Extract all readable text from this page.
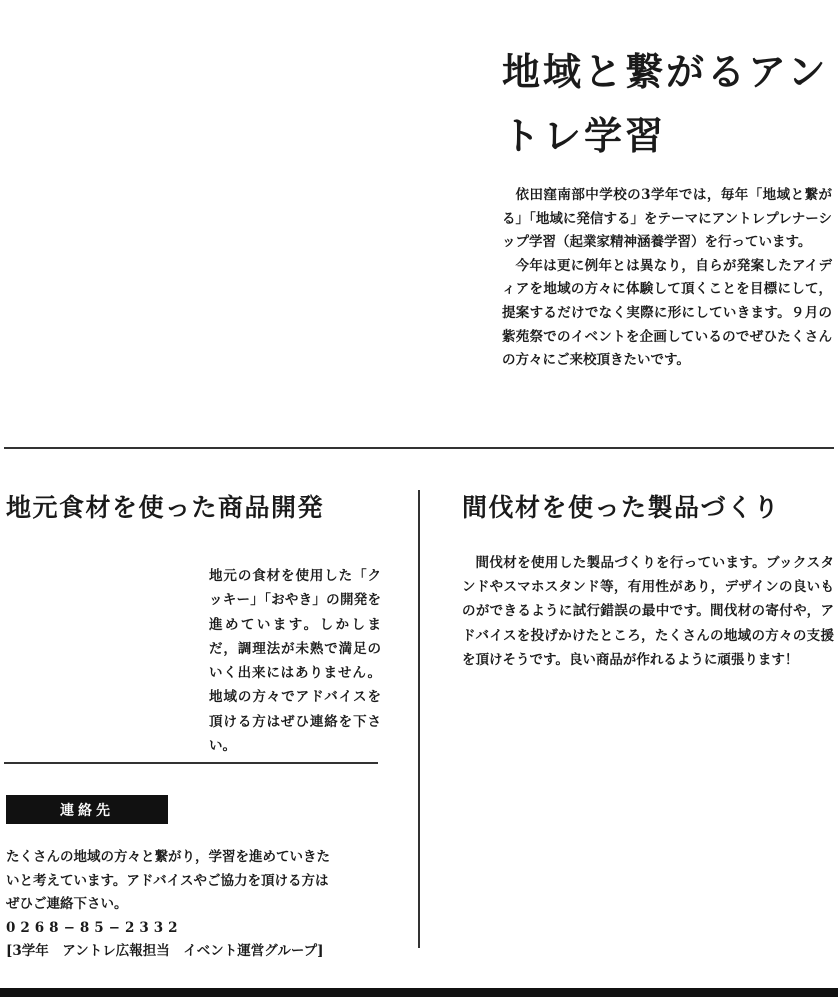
地域と繋がるアン
トレ学習

依田窪南部中学校の3学年では，毎年「地域と繋がる」「地域に発信する」をテーマにアントレプレナーシップ学習（起業家精神涵養学習）を行っています。

今年は更に例年とは異なり，自らが発案したアイディアを地域の方々に体験して頂くことを目標にして，提案するだけでなく実際に形にしていきます。９月の紫苑祭でのイベントを企画しているのでぜひたくさんの方々にご来校頂きたいです。

地元食材を使った商品開発

地元の食材を使用した「クッキー」「おやき」の開発を進めています。しかしまだ，調理法が未熟で満足のいく出来にはありません。地域の方々でアドバイスを頂ける方はぜひ連絡を下さい。

連絡先
たくさんの地域の方々と繋がり，学習を進めていきた
いと考えています。アドバイスやご協力を頂ける方は
ぜひご連絡下さい。
0268−85−2332
[3学年　アントレ広報担当　イベント運営グループ]
間伐材を使った製品づくり

間伐材を使用した製品づくりを行っています。ブックスタンドやスマホスタンド等，有用性があり，デザインの良いものができるように試行錯誤の最中です。間伐材の寄付や，アドバイスを投げかけたところ，たくさんの地域の方々の支援を頂けそうです。良い商品が作れるように頑張ります！
